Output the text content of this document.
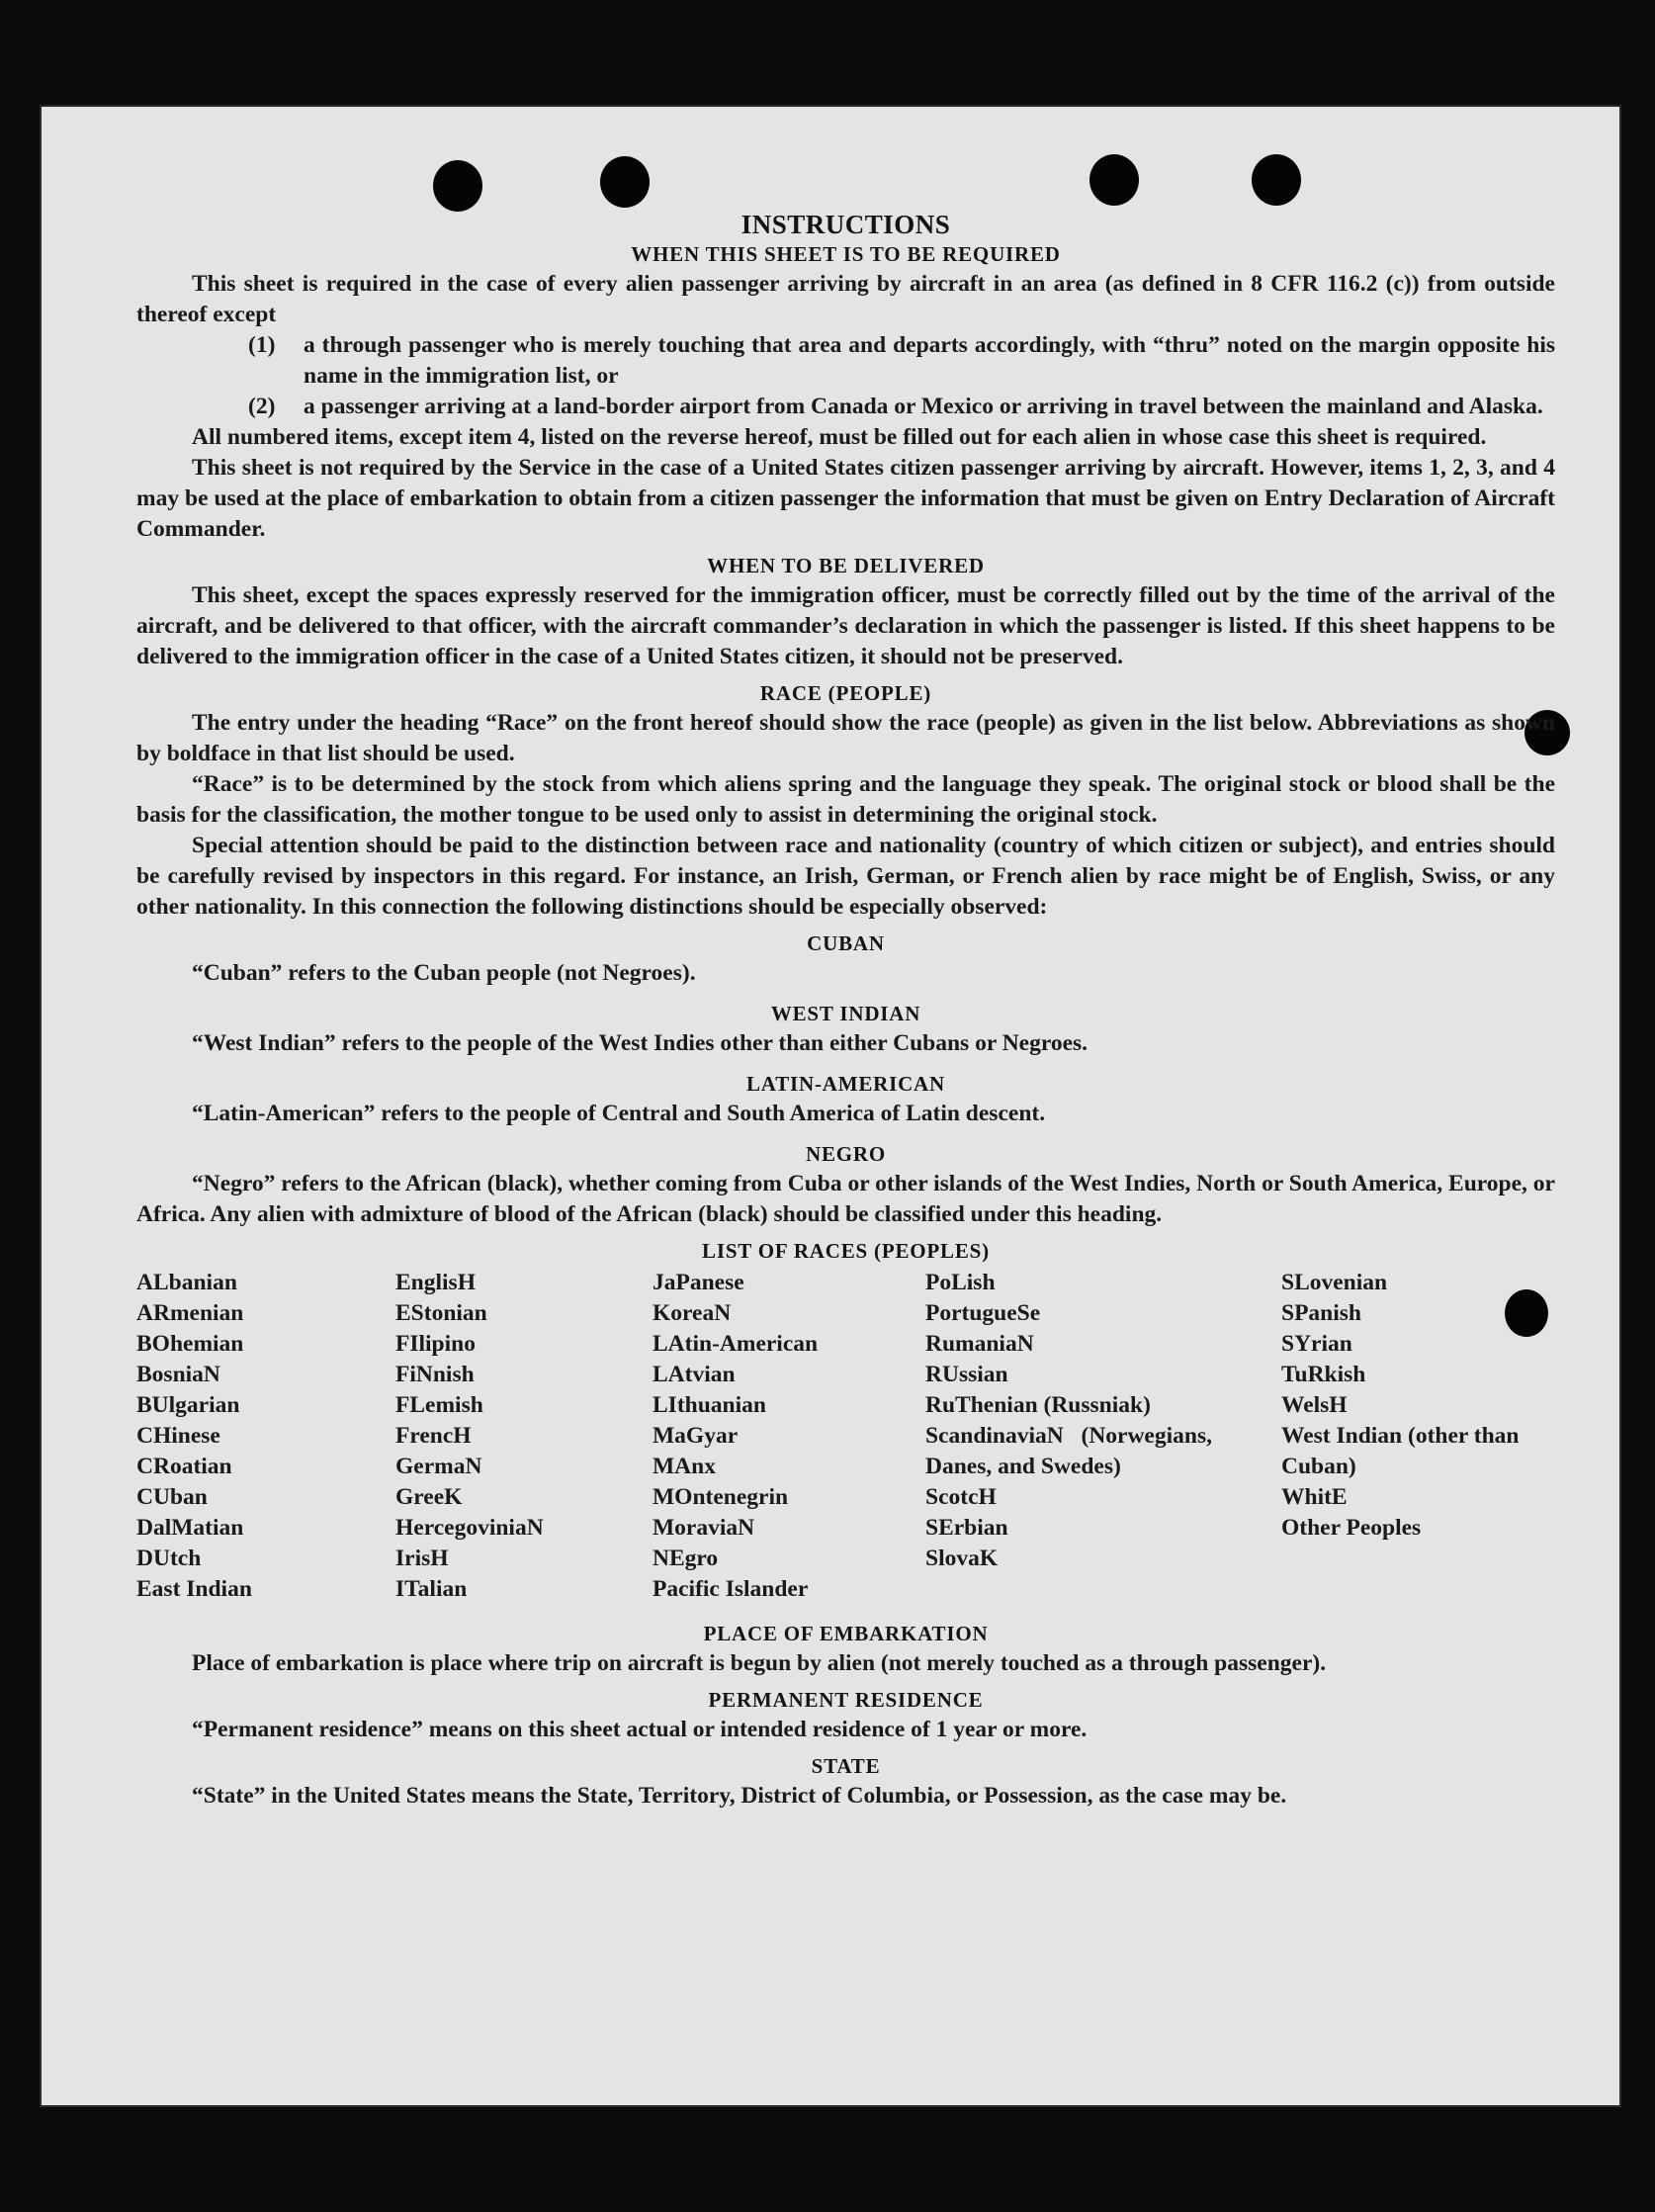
INSTRUCTIONS
WHEN THIS SHEET IS TO BE REQUIRED

This sheet is required in the case of every alien passenger arriving by aircraft in an area (as defined in 8 CFR 116.2 (c)) from outside thereof except

(1)	a through passenger who is merely touching that area and departs accordingly, with “thru” noted on the margin opposite his name in the immigration list, or

(2)	a passenger arriving at a land-border airport from Canada or Mexico or arriving in travel between the mainland and Alaska.

All numbered items, except item 4, listed on the reverse hereof, must be filled out for each alien in whose case this sheet is required.

This sheet is not required by the Service in the case of a United States citizen passenger arriving by aircraft. However, items 1, 2, 3, and 4 may be used at the place of embarkation to obtain from a citizen passenger the information that must be given on Entry Declaration of Aircraft Commander.

WHEN TO BE DELIVERED

This sheet, except the spaces expressly reserved for the immigration officer, must be correctly filled out by the time of the arrival of the aircraft, and be delivered to that officer, with the aircraft commander’s declaration in which the passenger is listed. If this sheet happens to be delivered to the immigration officer in the case of a United States citizen, it should not be preserved.

RACE (PEOPLE)

The entry under the heading “Race” on the front hereof should show the race (people) as given in the list below. Abbreviations as shown by boldface in that list should be used.

“Race” is to be determined by the stock from which aliens spring and the language they speak. The original stock or blood shall be the basis for the classification, the mother tongue to be used only to assist in determining the original stock.

Special attention should be paid to the distinction between race and nationality (country of which citizen or subject), and entries should be carefully revised by inspectors in this regard. For instance, an Irish, German, or French alien by race might be of English, Swiss, or any other nationality. In this connection the following distinctions should be especially observed:

CUBAN

“Cuban” refers to the Cuban people (not Negroes).

WEST INDIAN

“West Indian” refers to the people of the West Indies other than either Cubans or Negroes.

LATIN-AMERICAN

“Latin-American” refers to the people of Central and South America of Latin descent.

NEGRO

“Negro” refers to the African (black), whether coming from Cuba or other islands of the West Indies, North or South America, Europe, or Africa. Any alien with admixture of blood of the African (black) should be classified under this heading.

LIST OF RACES (PEOPLES)
ALbanian
ARmenian
BOhemian
BosniaN
BUlgarian
CHinese
CRoatian
CUban
DalMatian
DUtch
East Indian
EnglisH
EStonian
FIlipino
FiNnish
FLemish
FrencH
GermaN
GreeK
HercegoviniaN
IrisH
ITalian
JaPanese
KoreaN
LAtin-American
LAtvian
LIthuanian
MaGyar
MAnx
MOntenegrin
MoraviaN
NEgro
Pacific Islander
PoLish
PortugueSe
RumaniaN
RUssian
RuThenian (Russniak)
ScandinaviaN (Norwegians, Danes, and Swedes)
ScotcH
SErbian
SlovaK
SLovenian
SPanish
SYrian
TuRkish
WelsH
West Indian (other than Cuban)
WhitE
Other Peoples
PLACE OF EMBARKATION

Place of embarkation is place where trip on aircraft is begun by alien (not merely touched as a through passenger).

PERMANENT RESIDENCE

“Permanent residence” means on this sheet actual or intended residence of 1 year or more.

STATE

“State” in the United States means the State, Territory, District of Columbia, or Possession, as the case may be.
